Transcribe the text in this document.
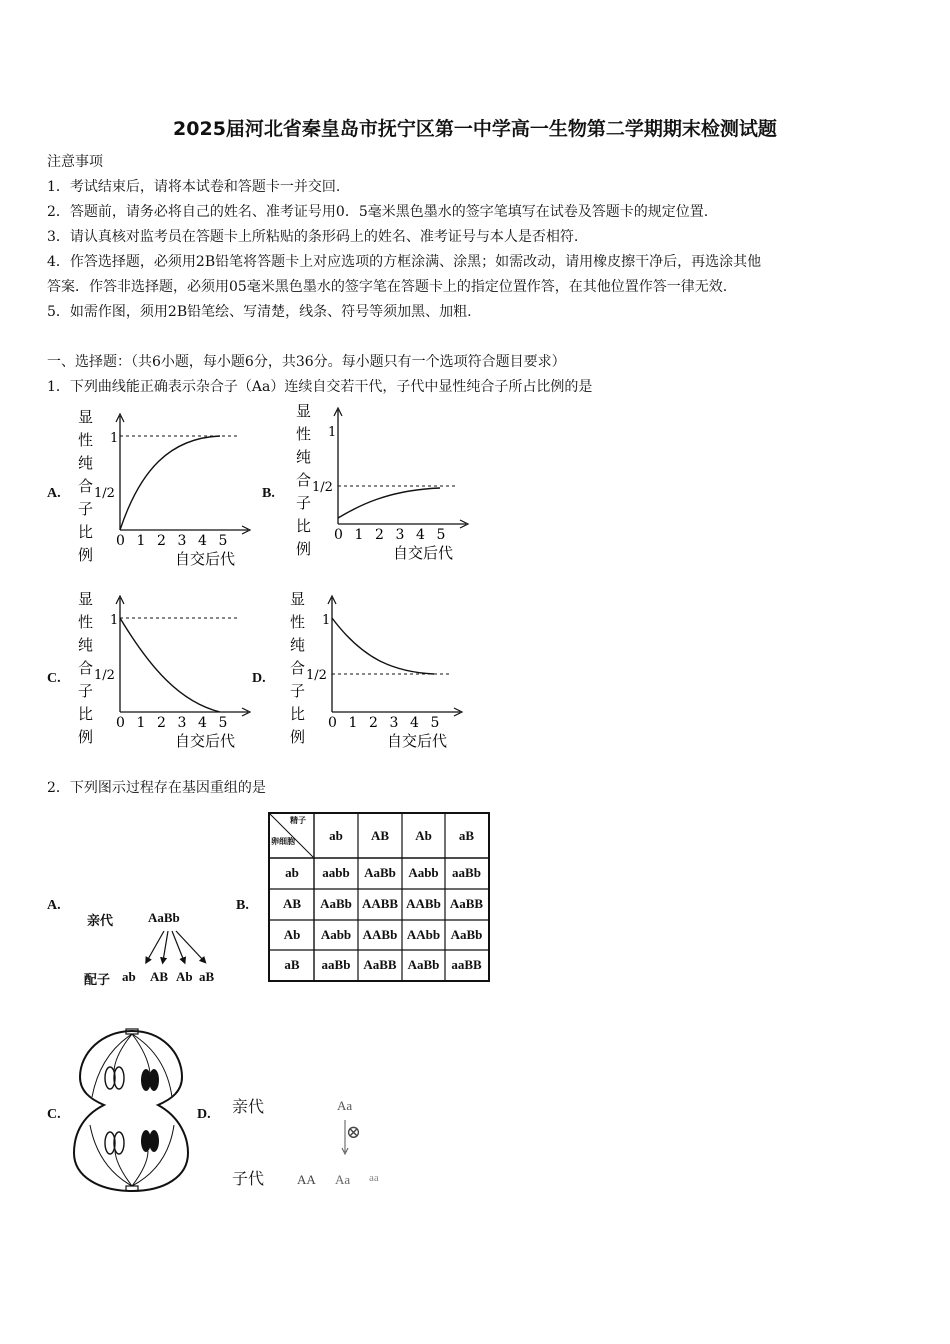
2025届河北省秦皇岛市抚宁区第一中学高一生物第二学期期末检测试题
注意事项
1．考试结束后，请将本试卷和答题卡一并交回.
2．答题前，请务必将自己的姓名、准考证号用0．5毫米黑色墨水的签字笔填写在试卷及答题卡的规定位置.
3．请认真核对监考员在答题卡上所粘贴的条形码上的姓名、准考证号与本人是否相符.
4．作答选择题，必须用2B铅笔将答题卡上对应选项的方框涂满、涂黑；如需改动，请用橡皮擦干净后，再选涂其他
答案．作答非选择题，必须用05毫米黑色墨水的签字笔在答题卡上的指定位置作答，在其他位置作答一律无效.
5．如需作图，须用2B铅笔绘、写清楚，线条、符号等须加黑、加粗.
一、选择题：（共6小题，每小题6分，共36分。每小题只有一个选项符合题目要求）
1．下列曲线能正确表示杂合子（Aa）连续自交若干代，子代中显性纯合子所占比例的是
A.	B.
C.	D.
显
性
纯
合
子
比
例
0 1 2 3 4 5
自交后代
1
1/2
显
性
纯
合
子
比
例
0 1 2 3 4 5
自交后代
1
1/2
显
性
纯
合
子
比
例
0 1 2 3 4 5
自交后代
1
1/2
显
性
纯
合
子
比
例
0 1 2 3 4 5
自交后代
1
1/2
2．下列图示过程存在基因重组的是
A.	B.
C.	D.
亲代	AaBb
配子 ab AB Ab aB
精子
卵细胞	ab	AB	Ab	aB
ab	aabb	AaBb Aabb	aaBb
AB	AaBb AABB AABb AaBB
Ab	Aabb AABb AAbb AaBb
aB	aaBb AaBB AaBb aaBB
亲代	Aa
⊗
子代	AA Aa aa
